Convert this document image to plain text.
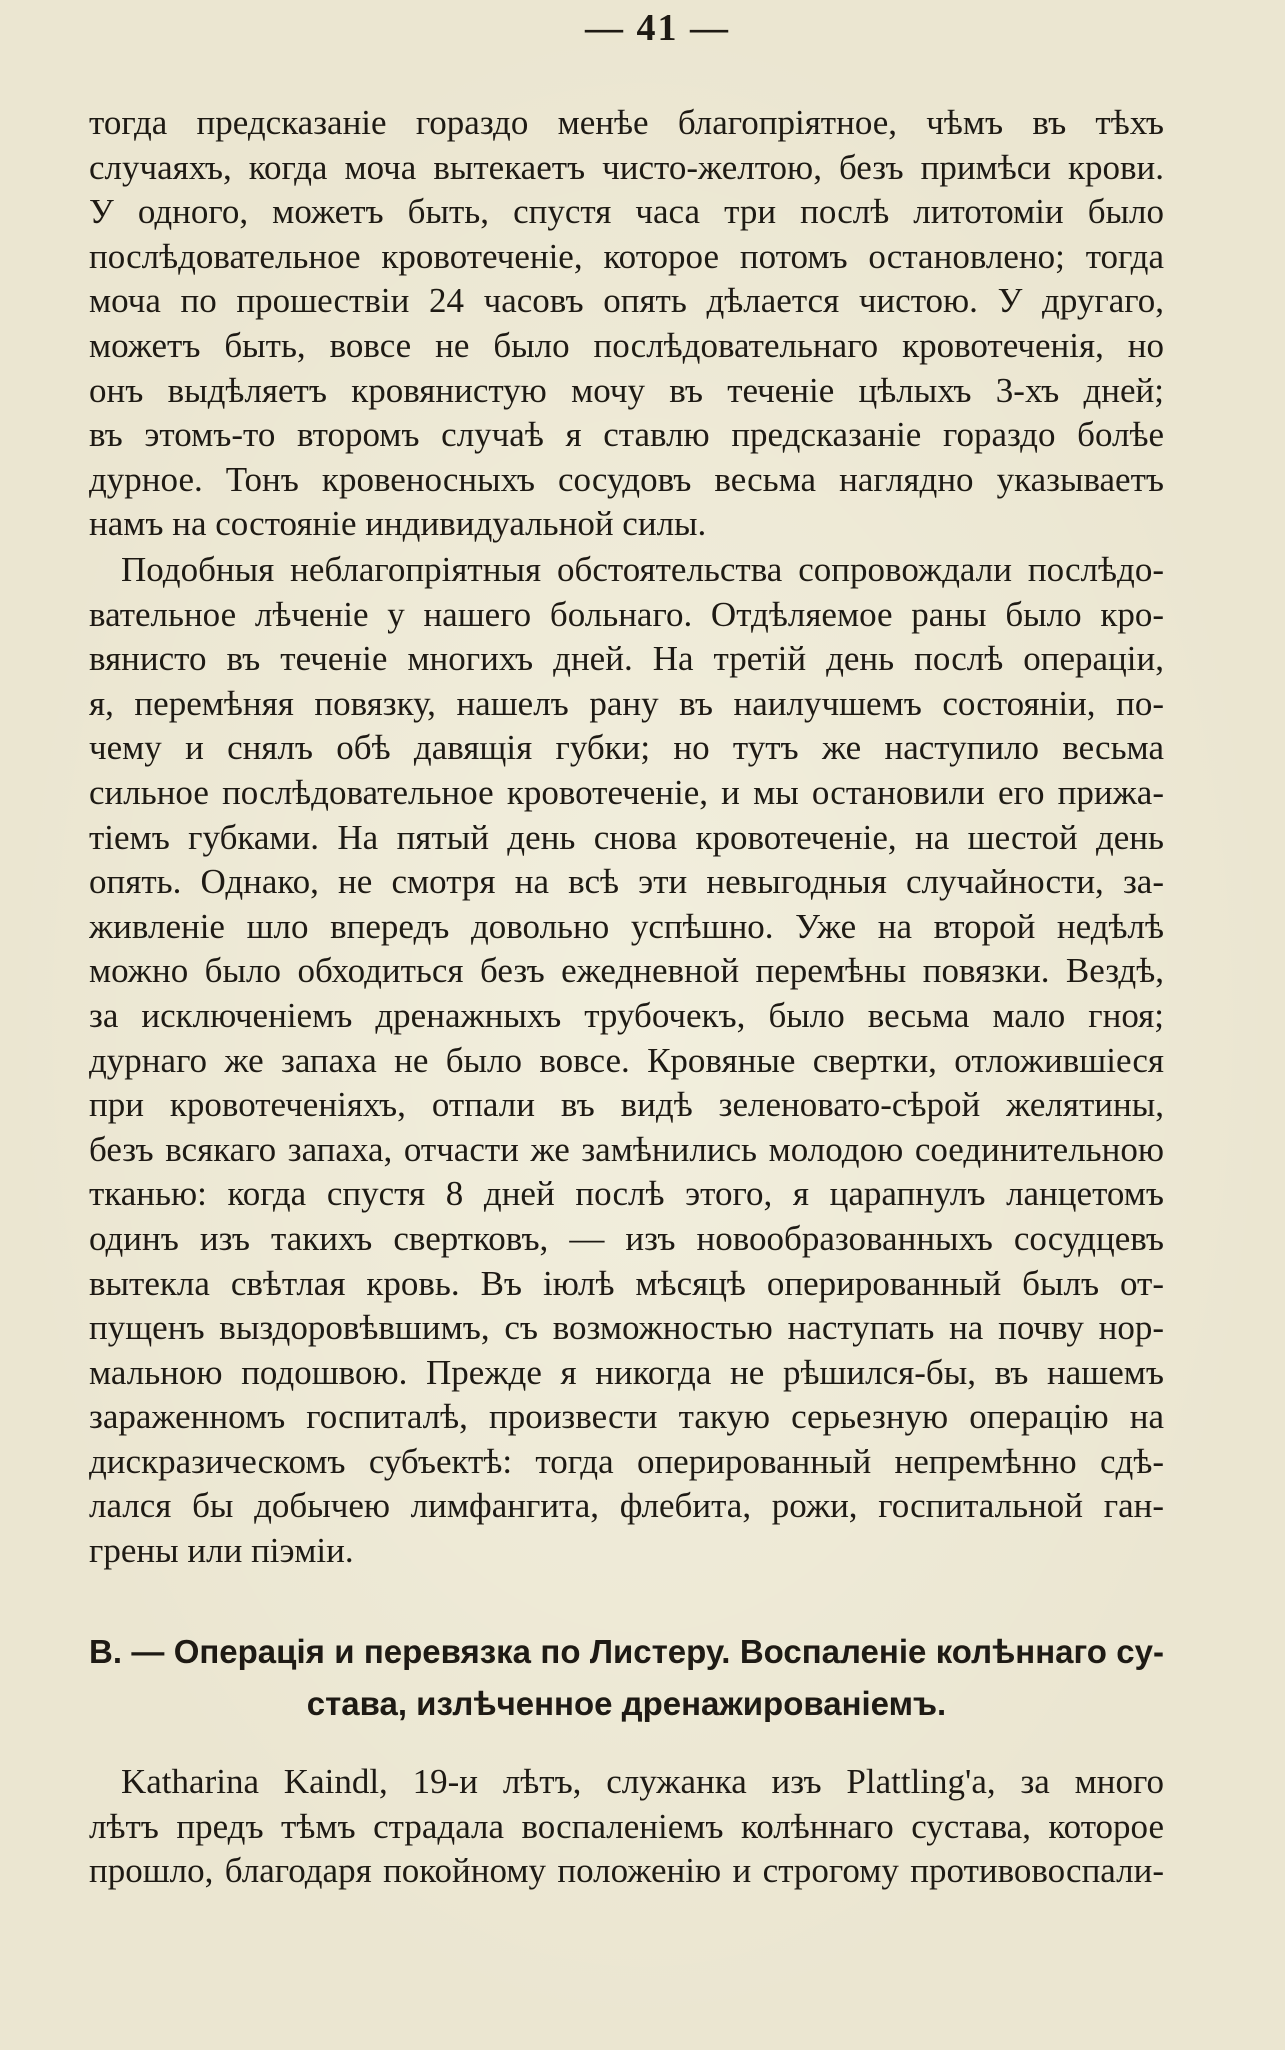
— 41 —
тогда предсказаніе гораздо менѣе благопріятное, чѣмъ въ тѣхъ
случаяхъ, когда моча вытекаетъ чисто-желтою, безъ примѣси крови.
У одного, можетъ быть, спустя часа три послѣ литотоміи было
послѣдовательное кровотеченіе, которое потомъ остановлено; тогда
моча по прошествіи 24 часовъ опять дѣлается чистою. У другаго,
можетъ быть, вовсе не было послѣдовательнаго кровотеченія, но
онъ выдѣляетъ кровянистую мочу въ теченіе цѣлыхъ 3-хъ дней;
въ этомъ-то второмъ случаѣ я ставлю предсказаніе гораздо болѣе
дурное. Тонъ кровеносныхъ сосудовъ весьма наглядно указываетъ
намъ на состояніе индивидуальной силы.
Подобныя неблагопріятныя обстоятельства сопровождали послѣдо-
вательное лѣченіе у нашего больнаго. Отдѣляемое раны было кро-
вянисто въ теченіе многихъ дней. На третій день послѣ операціи,
я, перемѣняя повязку, нашелъ рану въ наилучшемъ состояніи, по-
чему и снялъ обѣ давящія губки; но тутъ же наступило весьма
сильное послѣдовательное кровотеченіе, и мы остановили его прижа-
тіемъ губками. На пятый день снова кровотеченіе, на шестой день
опять. Однако, не смотря на всѣ эти невыгодныя случайности, за-
живленіе шло впередъ довольно успѣшно. Уже на второй недѣлѣ
можно было обходиться безъ ежедневной перемѣны повязки. Вездѣ,
за исключеніемъ дренажныхъ трубочекъ, было весьма мало гноя;
дурнаго же запаха не было вовсе. Кровяные свертки, отложившіеся
при кровотеченіяхъ, отпали въ видѣ зеленовато-сѣрой желятины,
безъ всякаго запаха, отчасти же замѣнились молодою соединительною
тканью: когда спустя 8 дней послѣ этого, я царапнулъ ланцетомъ
одинъ изъ такихъ свертковъ, — изъ новообразованныхъ сосудцевъ
вытекла свѣтлая кровь. Въ іюлѣ мѣсяцѣ оперированный былъ от-
пущенъ выздоровѣвшимъ, съ возможностью наступать на почву нор-
мальною подошвою. Прежде я никогда не рѣшился-бы, въ нашемъ
зараженномъ госпиталѣ, произвести такую серьезную операцію на
дискразическомъ субъектѣ: тогда оперированный непремѣнно сдѣ-
лался бы добычею лимфангита, флебита, рожи, госпитальной ган-
грены или піэміи.
В. — Операція и перевязка по Листеру. Воспаленіе колѣннаго су-
става, излѣченное дренажированіемъ.
Katharina Kaindl, 19-и лѣтъ, служанка изъ Plattling'a, за много
лѣтъ предъ тѣмъ страдала воспаленіемъ колѣннаго сустава, которое
прошло, благодаря покойному положенію и строгому противовоспали-
